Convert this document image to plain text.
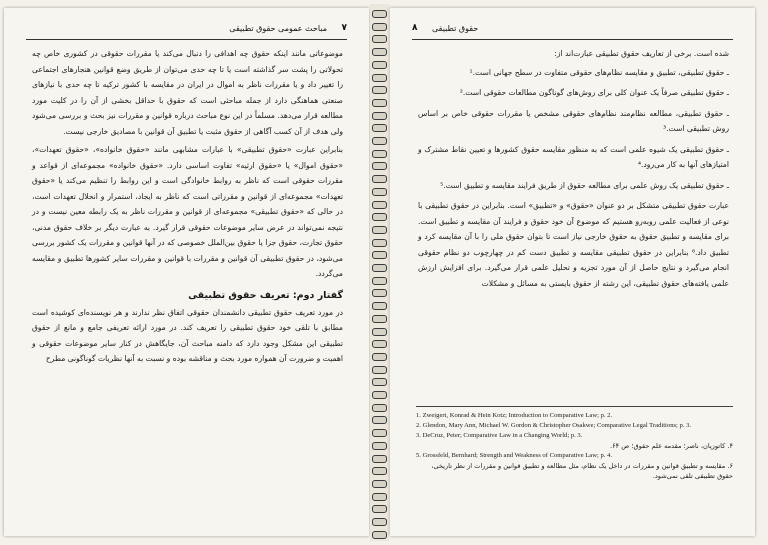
۷
مباحث عمومی حقوق تطبیقی

موضوعاتی مانند اینکه حقوق چه اهدافی را دنبال می‌کند یا مقررات حقوقی در کشوری خاص چه تحولاتی را پشت سر گذاشته است یا تا چه حدی می‌توان از طریق وضع قوانین هنجارهای اجتماعی را تغییر داد و یا مقررات ناظر به اموال در ایران در مقایسه با کشور ترکیه تا چه حدی با نیازهای صنعتی هماهنگی دارد از جمله مباحثی است که حقوق با حداقل بخشی از آن را در کلیت مورد مطالعه قرار می‌دهد. مسلماً در این نوع مباحث درباره قوانین و مقررات نیز بحث و بررسی می‌شود ولی هدف از آن کسب آگاهی از حقوق مثبت یا تطبیق آن قوانین با مصادیق خارجی نیست.

بنابراین عبارت «حقوق تطبیقی» با عبارات مشابهی مانند «حقوق خانواده»، «حقوق تعهدات»، «حقوق اموال» یا «حقوق ارثیه» تفاوت اساسی دارد. «حقوق خانواده» مجموعه‌ای از قواعد و مقررات حقوقی است که ناظر به روابط خانوادگی است و این روابط را تنظیم می‌کند یا «حقوق تعهدات» مجموعه‌ای از قوانین و مقرراتی است که ناظر به ایجاد، استمرار و انحلال تعهدات است، در حالی که «حقوق تطبیقی» مجموعه‌ای از قوانین و مقررات ناظر به یک رابطه معین نیست و در نتیجه نمی‌تواند در عرض سایر موضوعات حقوقی قرار گیرد. به عبارت دیگر بر خلاف حقوق مدنی، حقوق تجارت، حقوق جزا یا حقوق بین‌الملل خصوصی که در آنها قوانین و مقررات یک کشور بررسی می‌شود، در حقوق تطبیقی آن قوانین و مقررات با قوانین و مقررات سایر کشورها تطبیق و مقایسه می‌گردد.

گفتار دوم: تعریف حقوق تطبیقی

در مورد تعریف حقوق تطبیقی دانشمندان حقوقی اتفاق نظر ندارند و هر نویسنده‌ای کوشیده است مطابق با تلقی خود حقوق تطبیقی را تعریف کند. در مورد ارائه تعریفی جامع و مانع از حقوق تطبیقی این مشکل وجود دارد که دامنه مباحث آن، جایگاهش در کنار سایر موضوعات حقوقی و اهمیت و ضرورت آن همواره مورد بحث و مناقشه بوده و نسبت به آنها نظریات گوناگونی مطرح

۸ حقوق تطبیقی

شده است. برخی از تعاریف حقوق تطبیقی عبارت‌اند از:

ـ حقوق تطبیقی، تطبیق و مقایسه نظام‌های حقوقی متفاوت در سطح جهانی است.¹

ـ حقوق تطبیقی صرفاً یک عنوان کلی برای روش‌های گوناگون مطالعات حقوقی است.²

ـ حقوق تطبیقی، مطالعه نظام‌مند نظام‌های حقوقی مشخص یا مقررات حقوقی خاص بر اساس روش تطبیقی است.³

ـ حقوق تطبیقی یک شیوه علمی است که به منظور مقایسه حقوق کشورها و تعیین نقاط مشترک و امتیازهای آنها به کار می‌رود.⁴

ـ حقوق تطبیقی یک روش علمی برای مطالعه حقوق از طریق فرایند مقایسه و تطبیق است.⁵

عبارت حقوق تطبیقی متشکل بر دو عنوان «حقوق» و «تطبیق» است. بنابراین در حقوق تطبیقی با نوعی از فعالیت علمی روبه‌رو هستیم که موضوع آن خود حقوق و فرایند آن مقایسه و تطبیق است. برای مقایسه و تطبیق حقوق به حقوق خارجی نیاز است تا بتوان حقوق ملی را با آن مقایسه کرد و تطبیق داد.⁶ بنابراین در حقوق تطبیقی مقایسه و تطبیق دست کم در چهارچوب دو نظام حقوقی انجام می‌گیرد و نتایج حاصل از آن مورد تجزیه و تحلیل علمی قرار می‌گیرد. برای افزایش ارزش علمی یافته‌های حقوق تطبیقی، این رشته از حقوق بایستی به مسائل و مشکلات

1. Zweigert, Konrad & Hein Kotz; Introduction to Comparative Law; p. 2.
2. Glendon, Mary Ann, Michael W. Gordon & Christopher Osakwe; Comparative Legal Traditions; p. 3.
3. DeCruz, Peter; Comparative Law in a Changing World; p. 3.
۴. کاتوزیان، ناصر؛ مقدمه علم حقوق؛ ص ۶۴.
5. Grossfeld, Bernhard; Strength and Weakness of Comparative Law; p. 4.
۶. مقایسه و تطبیق قوانین و مقررات در داخل یک نظام، مثل مطالعه و تطبیق قوانین و مقررات از نظر تاریخی، حقوق تطبیقی تلقی نمی‌شود.
